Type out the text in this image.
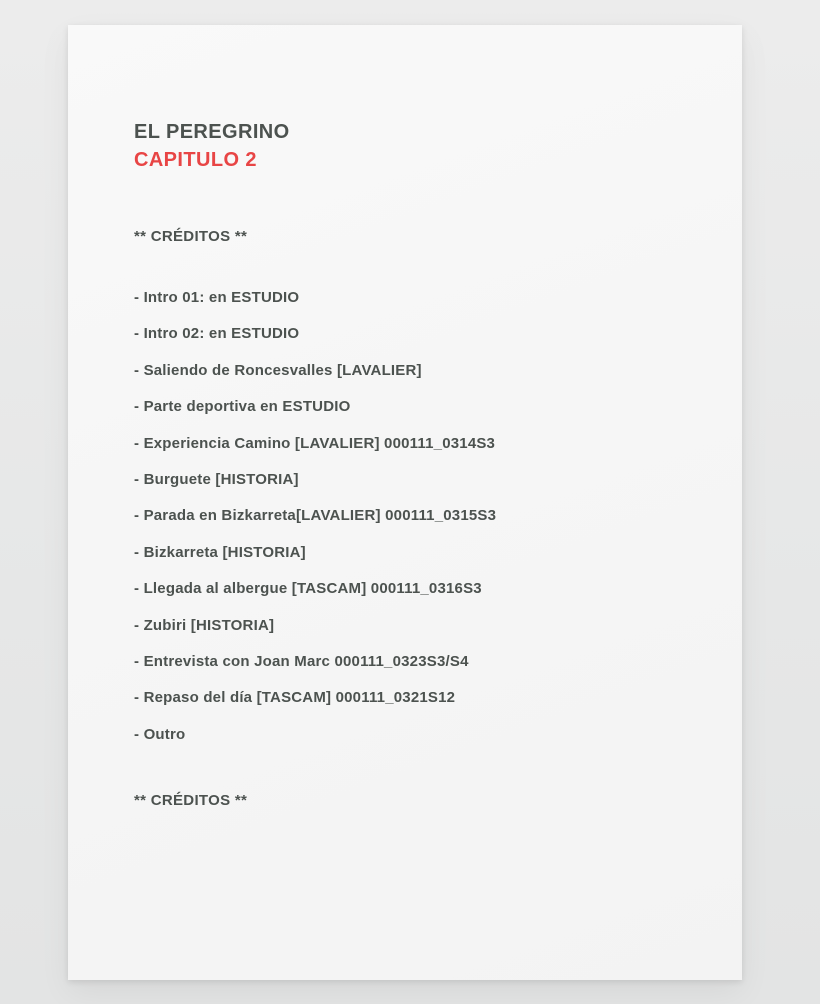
EL PEREGRINO
CAPITULO 2
** CRÉDITOS **
- Intro 01: en ESTUDIO
- Intro 02: en ESTUDIO
- Saliendo de Roncesvalles [LAVALIER]
- Parte deportiva en ESTUDIO
- Experiencia Camino [LAVALIER] 000111_0314S3
- Burguete [HISTORIA]
- Parada en Bizkarreta[LAVALIER] 000111_0315S3
- Bizkarreta [HISTORIA]
- Llegada al albergue [TASCAM] 000111_0316S3
- Zubiri [HISTORIA]
- Entrevista con Joan Marc 000111_0323S3/S4
- Repaso del día [TASCAM] 000111_0321S12
- Outro
** CRÉDITOS **
